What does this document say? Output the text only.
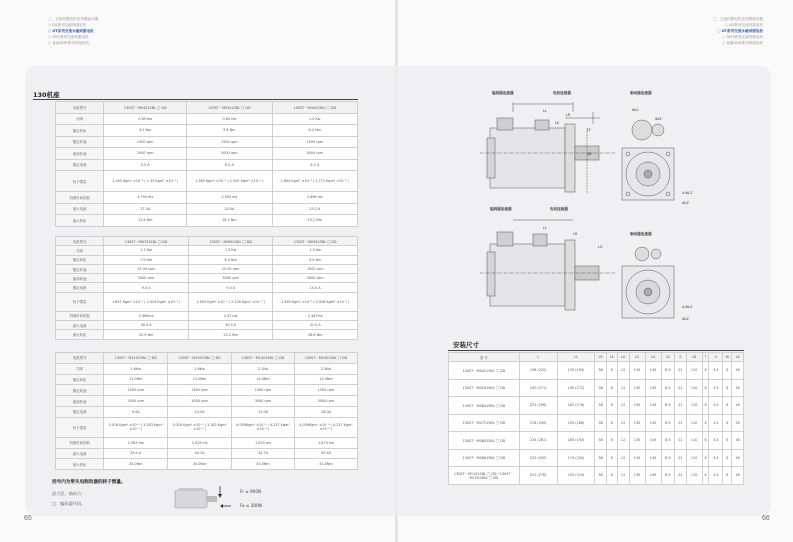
三、交流伺服电机及伺服驱动器
○ GS系列交流伺服电机
○ GT系列交流永磁伺服电机
○ SM7系列交流伺服电机
○ 直驱DDR系列伺服电机
三、交流伺服电机及伺服驱动器
○ GS系列交流伺服电机
○ GT系列交流永磁伺服电机
○ SM7系列交流伺服电机
○ 直驱DDR系列伺服电机
130机座
电机型号	130ST－M04215BL □ DD	130ST－M05415BL □ DD	130ST－M06415BL □ DD
功率	0.65 Kw	0.85 Kw	1.0 Kw
额定转矩	4.2 Nm	5.4 Nm	6.4 Nm
额定转速	1500 rpm	1500 rpm	1500 rpm
最高转速	2000 rpm	3000 rpm	3000 rpm
额定电流	5.5 A	6.5 A	6.5 A
转子惯量	1.163 Kgm² ×10⁻³ ( 1.33 Kgm² ×10⁻³ )	1.385 Kgm² ×10⁻³ ( 1.555 Kgm² ×10⁻³ )	1.604 Kgm² ×10⁻³ ( 1.771 Kgm² ×10⁻³ )
机械时间常数	3.794 ms	2.593 ms	2.896 ms
最大电流	17.3A	20.5A	25.2 A
最大转矩	12.6 Nm	16.2 Nm	19.2 Nm
电机型号	130ST－M07515BL □ DD	130ST－M08415BL □ DD	130ST－M09415BL □ DD
功率	1.2 Kw	1.3 Kw	1.5 Kw
额定转矩	7.5 Nm	8.4 Nm	9.4 Nm
额定转速	15 00 rpm	15 00 rpm	1500 rpm
最高转速	3000 rpm	3000 rpm	3000 rpm
额定电流	9.0 A	9.0 A	10.0 A
转子惯量	1.857 Kgm² ×10⁻³ ( 2.024 Kgm² ×10⁻³ )	2.059 Kgm² ×10⁻³ ( 2.226 Kgm² ×10⁻³ )	2.389 Kgm² ×10⁻³ ( 2.556 Kgm² ×10⁻³ )
机械时间常数	2.469ms	2.47 ms	2.167ms
最大电流	30.4 A	30.0 A	31.5 A
最大转矩	22.5 Nm	25.2 Nm	28.6 Nm
电机型号	130ST－M11015BL □ DD	130ST－M10015BL □ DD	130ST－M14015BL □ DD	130ST－M15015BL □ DD
功率	1.6Kw	1.6Kw	2.1Kw	2.3Kw
额定转矩	11.0Nm	11.0Nm	14.0Nm	14.0Nm
额定转速	1500 rpm	1500 rpm	1500 rpm	1500 rpm
最高转速	2000 rpm	3000 rpm	3000 rpm	3000 rpm
额定电流	9.0A	14.0A	11.0A	18.0A
转子惯量	3.016 Kgm² ×10⁻³ ( 3.183 Kgm² ×10⁻³ )	3.016 Kgm² ×10⁻³ ( 3.183 Kgm² ×10⁻³ )	4.059Kgm² ×10⁻³ ( 4.237 Kgm² ×10⁻³ )	4.059Kgm² ×10⁻³ ( 4.237 Kgm² ×10⁻³ )
机械时间常数	1.983 ms	2.415 ms	1.553 ms	1.873 ms
最大电流	26.4 A	44.1A	34.7A	55.4A
最大转矩	34.0Nm	34.0Nm	43.0Nm	43.0Nm
括号内为带失电制动器的转子惯量。
最大径、轴向力：
□：编码器代码。
Fr ≤ 900N
Fa ≤ 300N
65
编码器连接器	电机连接器	制动器连接器
LL
LE
LR
LF
ΦS
ΦLE
ΦLC
4-ΦLZ
ΦLZ
编码器连接器	电机连接器
制动器连接器
LL
LR
LG
4-ΦLZ
ΦLZ
安装尺寸
型 号	L	LL	LR	LE	LG	LC	LA	LZ	S	LB	T	U	W	LK
130ST－M04215BL □ DD	158 (220)	135 (195)	58	6	12	130	145	8.5	22	110	6	3.5	6	40
130ST－M05415BL □ DD	240 (271)	145 (172)	58	6	12	130	145	8.5	22	110	6	3.5	6	40
130ST－M06415BL □ DD	221 (258)	162 (176)	58	6	12	130	145	8.5	22	110	6	3.5	6	40
130ST－M07515BL □ DD	218 (249)	159 (186)	58	6	12	130	145	8.5	22	110	6	3.5	6	40
130ST－M08415BL □ DD	224 (261)	165 (192)	58	6	12	130	145	8.5	22	110	6	3.5	6	40
130ST－M08615BL □ DD	232 (259)	173 (200)	58	6	12	130	145	8.5	22	110	6	3.5	6	40
130ST－M11015BL □ DD / 130ST－M10015BL □ DD	251 (278)	192 (219)	58	6	12	130	145	8.5	22	110	6	3.5	6	40
66
